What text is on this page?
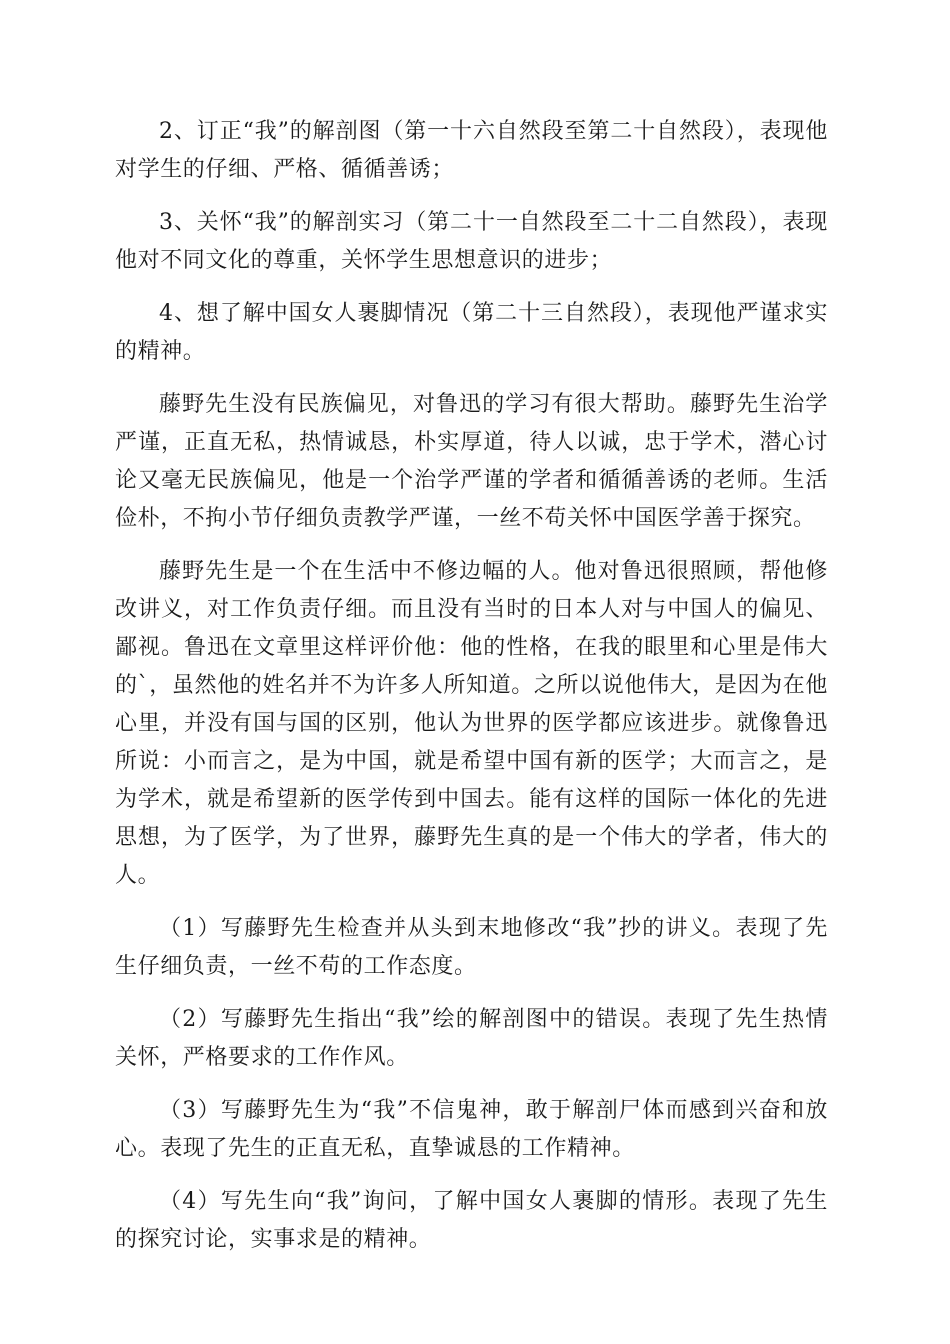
2、订正“我”的解剖图（第一十六自然段至第二十自然段），表现他对学生的仔细、严格、循循善诱；

3、关怀“我”的解剖实习（第二十一自然段至二十二自然段），表现他对不同文化的尊重，关怀学生思想意识的进步；

4、想了解中国女人裹脚情况（第二十三自然段），表现他严谨求实的精神。

藤野先生没有民族偏见，对鲁迅的学习有很大帮助。藤野先生治学严谨，正直无私，热情诚恳，朴实厚道，待人以诚，忠于学术，潜心讨论又毫无民族偏见，他是一个治学严谨的学者和循循善诱的老师。生活俭朴，不拘小节仔细负责教学严谨，一丝不苟关怀中国医学善于探究。

藤野先生是一个在生活中不修边幅的人。他对鲁迅很照顾，帮他修改讲义，对工作负责仔细。而且没有当时的日本人对与中国人的偏见、鄙视。鲁迅在文章里这样评价他：他的性格，在我的眼里和心里是伟大的`，虽然他的姓名并不为许多人所知道。之所以说他伟大，是因为在他心里，并没有国与国的区别，他认为世界的医学都应该进步。就像鲁迅所说：小而言之，是为中国，就是希望中国有新的医学；大而言之，是为学术，就是希望新的医学传到中国去。能有这样的国际一体化的先进思想，为了医学，为了世界，藤野先生真的是一个伟大的学者，伟大的人。

（1）写藤野先生检查并从头到末地修改“我”抄的讲义。表现了先生仔细负责，一丝不苟的工作态度。

（2）写藤野先生指出“我”绘的解剖图中的错误。表现了先生热情关怀，严格要求的工作作风。

（3）写藤野先生为“我”不信鬼神，敢于解剖尸体而感到兴奋和放心。表现了先生的正直无私，直挚诚恳的工作精神。

（4）写先生向“我”询问，了解中国女人裹脚的情形。表现了先生的探究讨论，实事求是的精神。
